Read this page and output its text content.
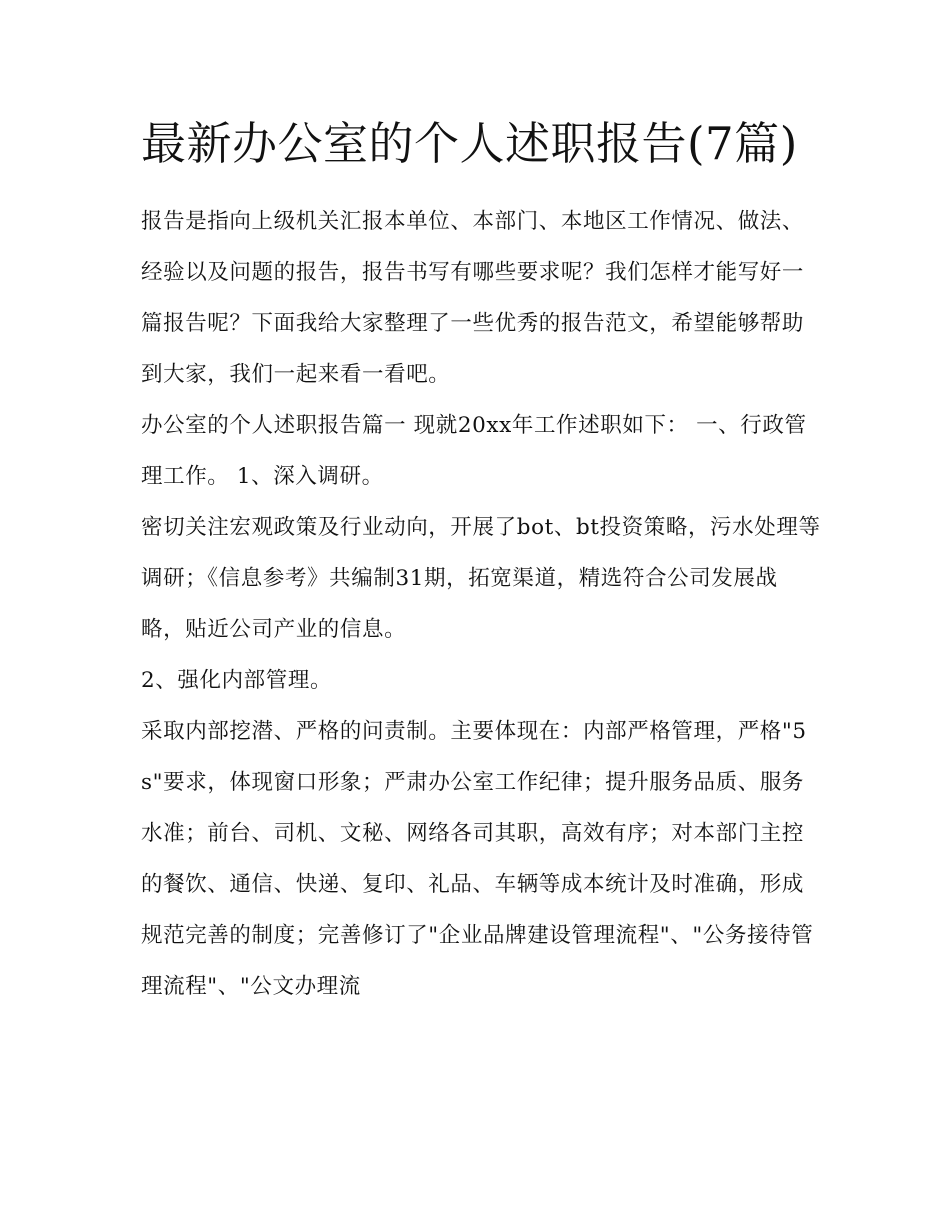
最新办公室的个人述职报告(7篇)

报告是指向上级机关汇报本单位、本部门、本地区工作情况、做法、经验以及问题的报告，报告书写有哪些要求呢？我们怎样才能写好一篇报告呢？下面我给大家整理了一些优秀的报告范文，希望能够帮助到大家，我们一起来看一看吧。

办公室的个人述职报告篇一 现就20xx年工作述职如下： 一、行政管理工作。 1、深入调研。

密切关注宏观政策及行业动向，开展了bot、bt投资策略，污水处理等调研；《信息参考》共编制31期，拓宽渠道，精选符合公司发展战略，贴近公司产业的信息。

2、强化内部管理。

采取内部挖潜、严格的问责制。主要体现在：内部严格管理，严格"5s"要求，体现窗口形象；严肃办公室工作纪律；提升服务品质、服务水准；前台、司机、文秘、网络各司其职，高效有序；对本部门主控的餐饮、通信、快递、复印、礼品、车辆等成本统计及时准确，形成规范完善的制度；完善修订了"企业品牌建设管理流程"、"公务接待管理流程"、"公文办理流
